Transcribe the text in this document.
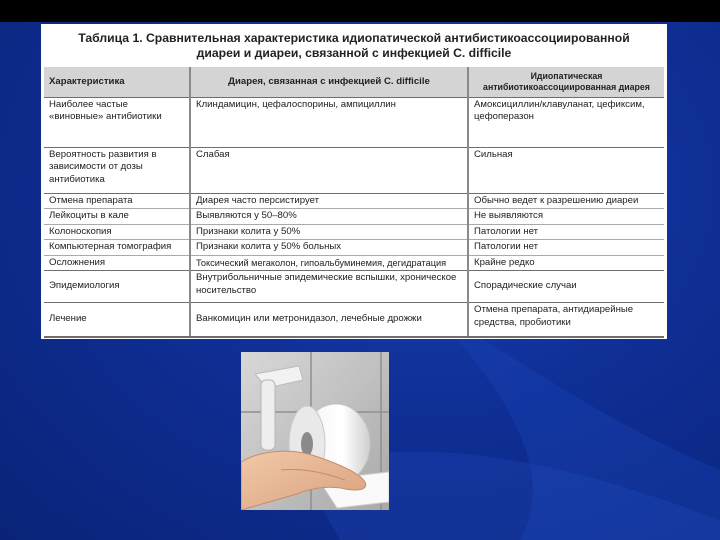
Таблица 1. Сравнительная характеристика идиопатической антибистикоассоциированной
диареи и диареи, связанной с инфекцией C. difficile
Характеристика	Диарея, связанная с инфекцией C. difficile	Идиопатическая антибиотикоассоциированная диарея
Наиболее частые «виновные» антибиотики	Клиндамицин, цефалоспорины, ампициллин	Амоксициллин/клавуланат, цефиксим, цефоперазон
Вероятность развития в зависимости от дозы антибиотика	Слабая	Сильная
Отмена препарата	Диарея часто персистирует	Обычно ведет к разрешению диареи
Лейкоциты в кале	Выявляются у 50–80%	Не выявляются
Колоноскопия	Признаки колита у 50%	Патологии нет
Компьютерная томография	Признаки колита у 50% больных	Патологии нет
Осложнения	Токсический мегаколон, гипоальбуминемия, дегидратация	Крайне редко
Эпидемиология	Внутрибольничные эпидемические вспышки, хроническое носительство	Спорадические случаи
Лечение	Ванкомицин или метронидазол, лечебные дрожжи	Отмена препарата, антидиарейные средства, пробиотики
